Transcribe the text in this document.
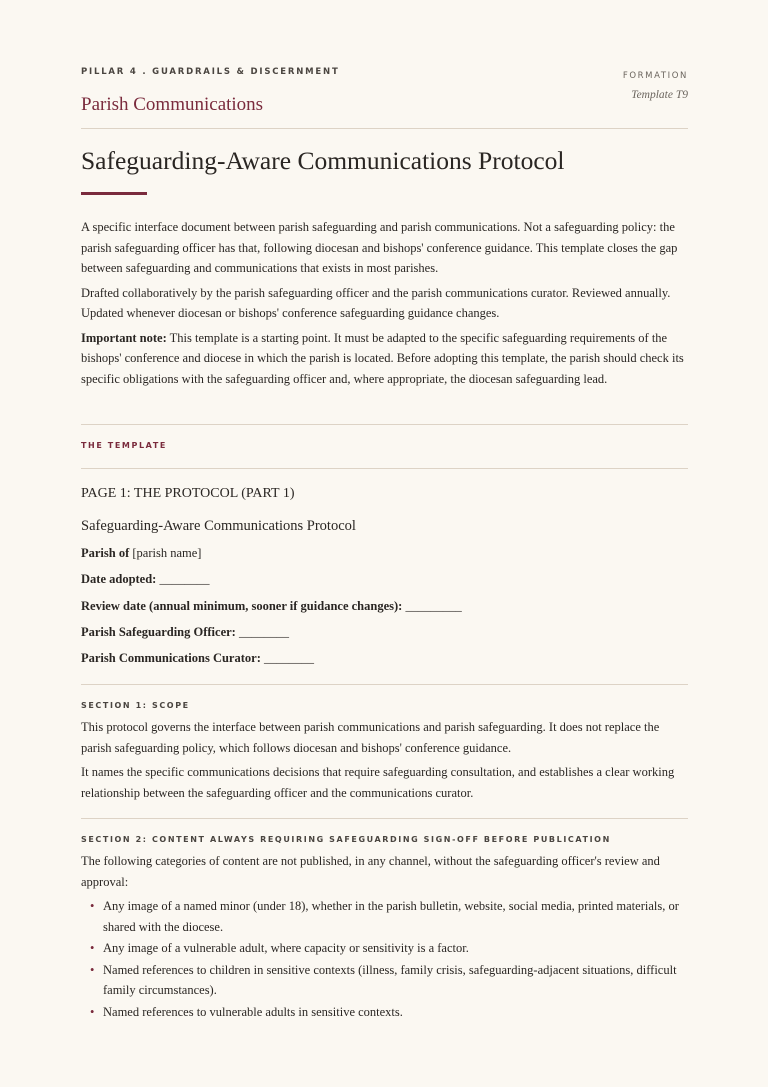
PILLAR 4 . GUARDRAILS & DISCERNMENT
Parish Communications
FORMATION
Template T9
Safeguarding-Aware Communications Protocol

A specific interface document between parish safeguarding and parish communications. Not a safeguarding policy: the parish safeguarding officer has that, following diocesan and bishops' conference guidance. This template closes the gap between safeguarding and communications that exists in most parishes.

Drafted collaboratively by the parish safeguarding officer and the parish communications curator. Reviewed annually. Updated whenever diocesan or bishops' conference safeguarding guidance changes.

Important note: This template is a starting point. It must be adapted to the specific safeguarding requirements of the bishops' conference and diocese in which the parish is located. Before adopting this template, the parish should check its specific obligations with the safeguarding officer and, where appropriate, the diocesan safeguarding lead.

THE TEMPLATE
PAGE 1: THE PROTOCOL (PART 1)
Safeguarding-Aware Communications Protocol
Parish of [parish name]
Date adopted: ________
Review date (annual minimum, sooner if guidance changes): _________
Parish Safeguarding Officer: ________
Parish Communications Curator: ________
SECTION 1: SCOPE

This protocol governs the interface between parish communications and parish safeguarding. It does not replace the parish safeguarding policy, which follows diocesan and bishops' conference guidance.

It names the specific communications decisions that require safeguarding consultation, and establishes a clear working relationship between the safeguarding officer and the communications curator.

SECTION 2: CONTENT ALWAYS REQUIRING SAFEGUARDING SIGN-OFF BEFORE PUBLICATION

The following categories of content are not published, in any channel, without the safeguarding officer's review and approval:

• Any image of a named minor (under 18), whether in the parish bulletin, website, social media, printed materials, or shared with the diocese.
• Any image of a vulnerable adult, where capacity or sensitivity is a factor.
• Named references to children in sensitive contexts (illness, family crisis, safeguarding-adjacent situations, difficult family circumstances).
• Named references to vulnerable adults in sensitive contexts.
